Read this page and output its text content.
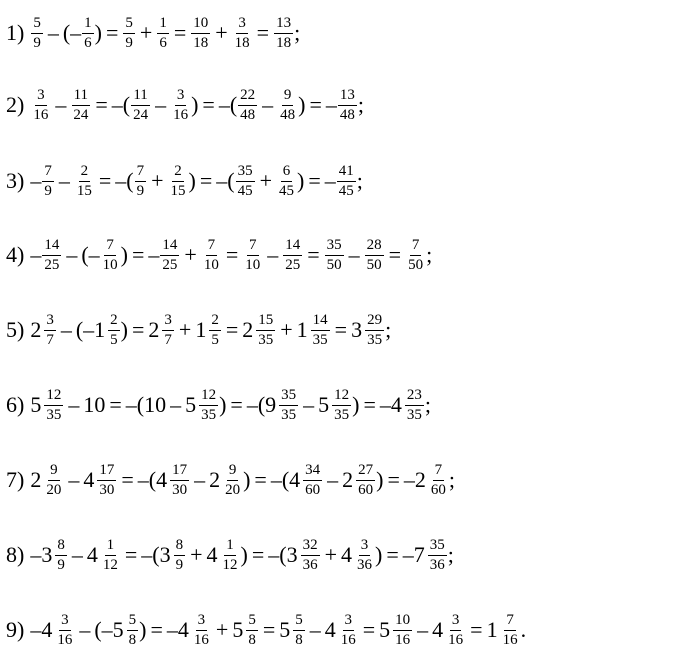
$1) \frac{5}{9}$ – (– $\frac{1}{6}$ ) = $\frac{5}{9} + \frac{1}{6} = \frac{10}{18} + \frac{3}{18} = \frac{13}{18}$ ;
$2) \frac{3}{16} - \frac{11}{24}$ = –( $\frac{11}{24} - \frac{3}{16}$ ) = –( $\frac{22}{48} - \frac{9}{48}$ ) = – $\frac{13}{48}$ ;
$3) - \frac{7}{9} - \frac{2}{15}$ = –( $\frac{7}{9} + \frac{2}{15}$ ) = –( $\frac{35}{45} + \frac{6}{45}$ ) = – $\frac{41}{45}$ ;
$4) - \frac{14}{25}$ – (– $\frac{7}{10}$ ) = – $\frac{14}{25} + \frac{7}{10} = \frac{7}{10} - \frac{14}{25} = \frac{35}{50} - \frac{28}{50} = \frac{7}{50}$ ;
5) $2 \frac{3}{7}$ – (– $1 \frac{2}{5}$ ) = $2 \frac{3}{7} + 1 \frac{2}{5} = 2 \frac{15}{35} + 1 \frac{14}{35} = 3 \frac{29}{35}$ ;
6) $5 \frac{12}{35} - 10 = -(10 - 5 \frac{12}{35}$ ) = –( $9 \frac{35}{35} - 5 \frac{12}{35}$ ) = $-4 \frac{23}{35}$ ;
7) $2 \frac{9}{20} - 4 \frac{17}{30}$ = –( $4 \frac{17}{30} - 2 \frac{9}{20}$ ) = –( $4 \frac{34}{60} - 2 \frac{27}{60}$ ) = $-2 \frac{7}{60}$ ;
8) $-3 \frac{8}{9} - 4 \frac{1}{12}$ = –( $3 \frac{8}{9} + 4 \frac{1}{12}$ ) = –( $3 \frac{32}{36} + 4 \frac{3}{36}$ ) = $-7 \frac{35}{36}$ ;
9) $-4 \frac{3}{16}$ – (– $5 \frac{5}{8}$ ) = $-4 \frac{3}{16} + 5 \frac{5}{8} = 5 \frac{5}{8} - 4 \frac{3}{16} = 5 \frac{10}{16} - 4 \frac{3}{16} = 1 \frac{7}{16}$ .
